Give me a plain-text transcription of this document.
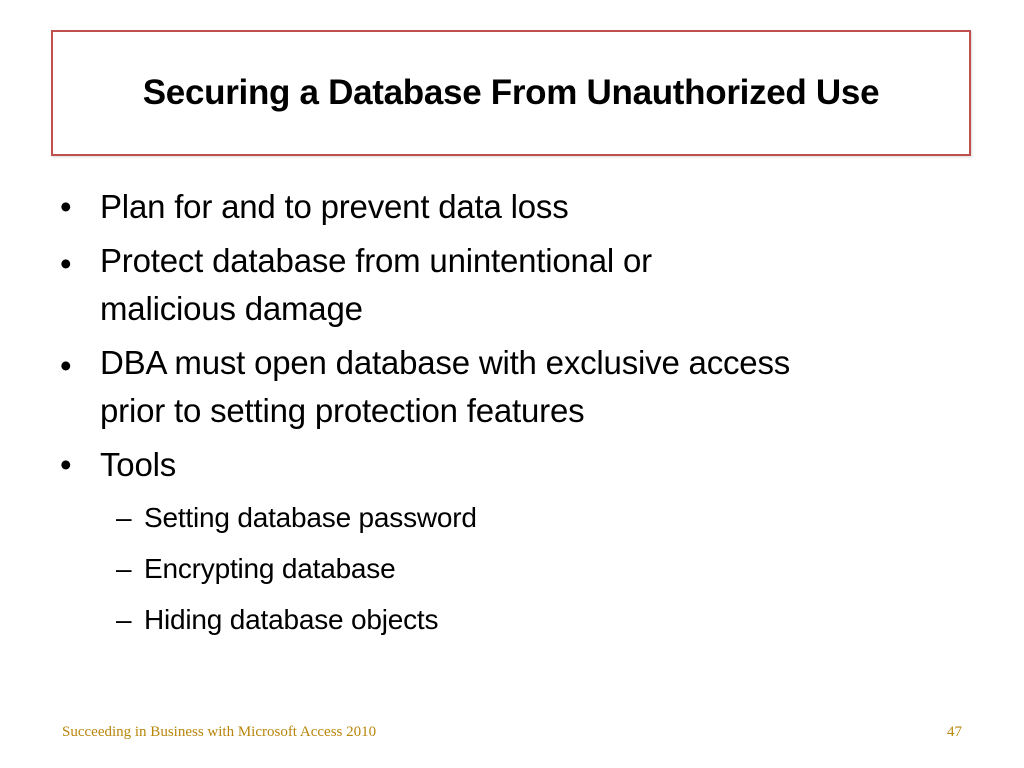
Securing a Database From Unauthorized Use
• Plan for and to prevent data loss
• Protect database from unintentional or
malicious damage
• DBA must open database with exclusive access
prior to setting protection features
• Tools
– Setting database password
– Encrypting database
– Hiding database objects
Succeeding in Business with Microsoft Access 2010	47
